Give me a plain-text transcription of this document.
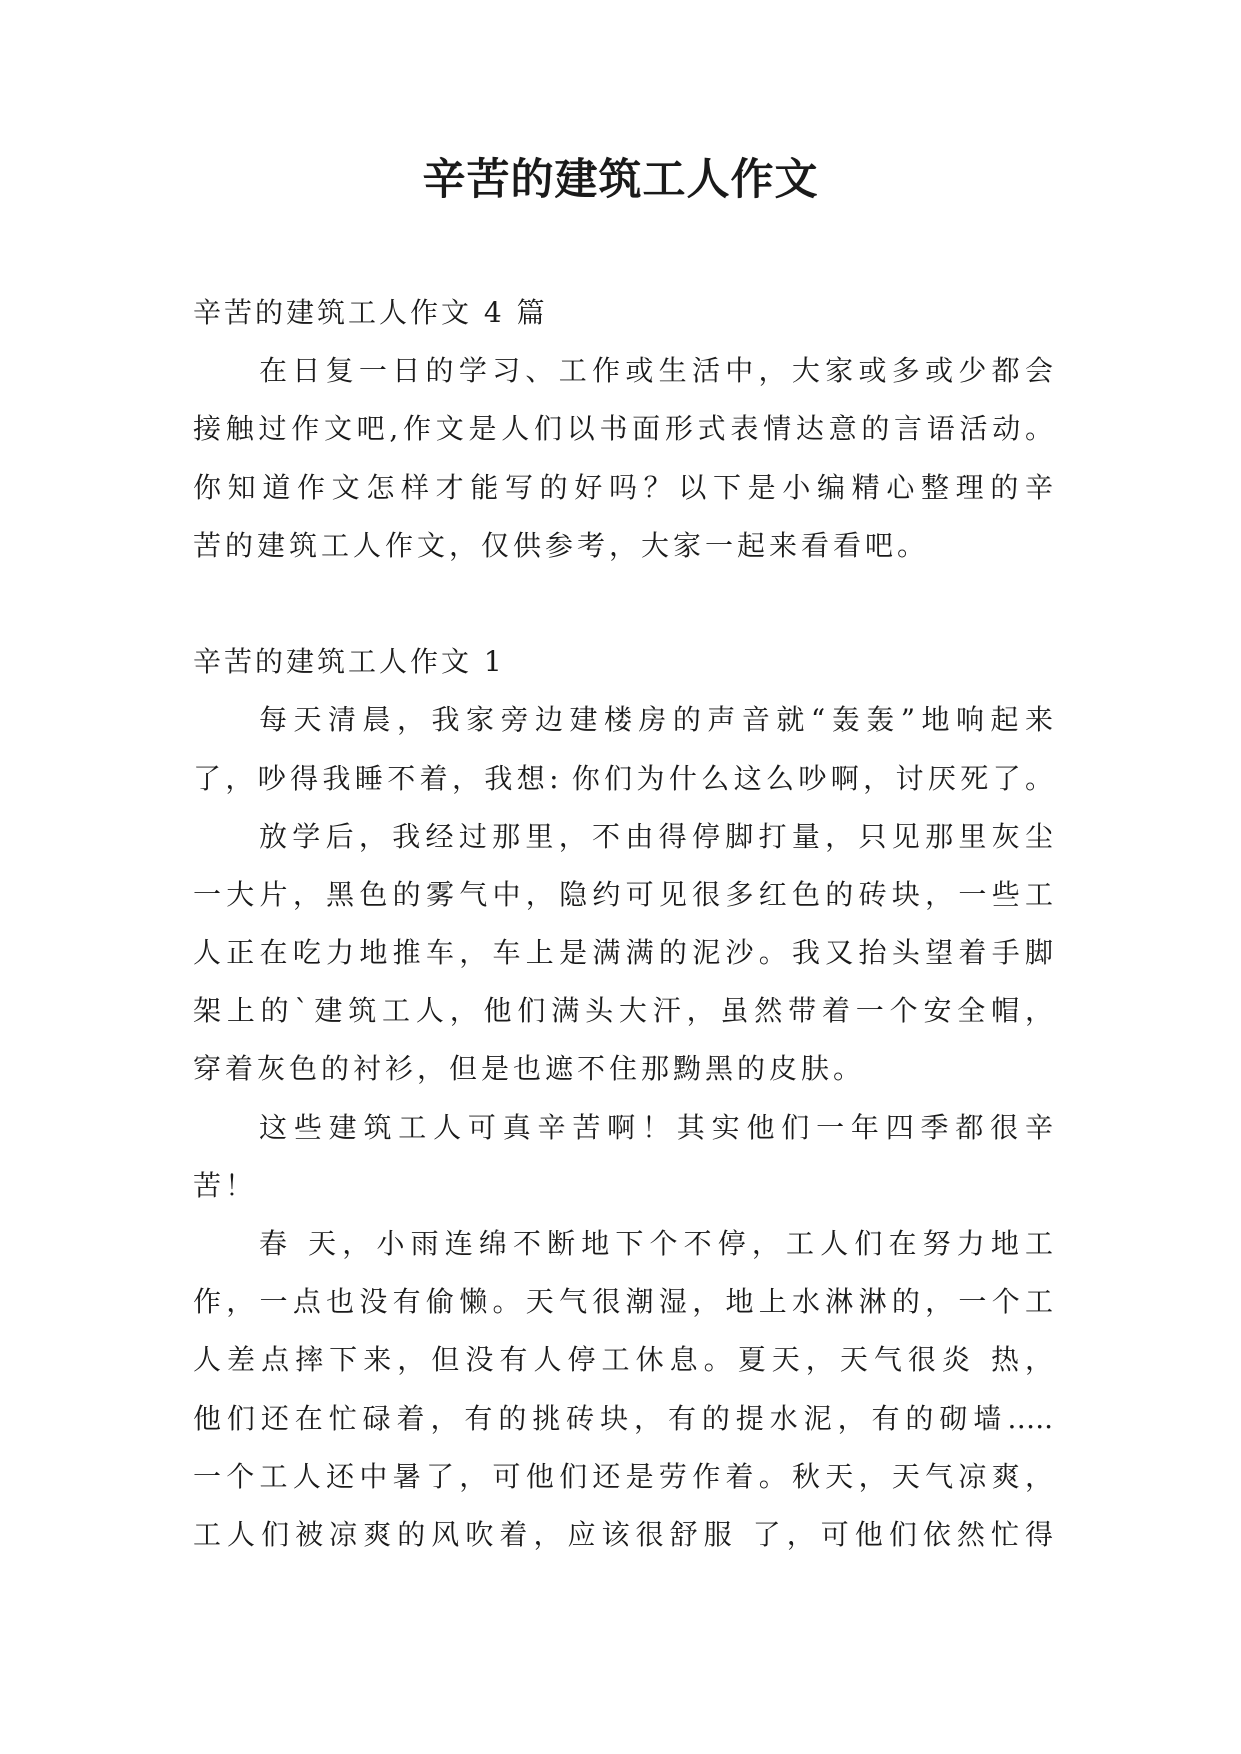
辛苦的建筑工人作文
辛苦的建筑工人作文 4 篇
在日复一日的学习、工作或生活中，大家或多或少都会
接触过作文吧,作文是人们以书面形式表情达意的言语活动。
你知道作文怎样才能写的好吗？以下是小编精心整理的辛
苦的建筑工人作文，仅供参考，大家一起来看看吧。
辛苦的建筑工人作文 1
每天清晨，我家旁边建楼房的声音就“轰轰”地响起来
了，吵得我睡不着，我想: 你们为什么这么吵啊，讨厌死了。
放学后，我经过那里，不由得停脚打量，只见那里灰尘
一大片，黑色的雾气中，隐约可见很多红色的砖块，一些工
人正在吃力地推车，车上是满满的泥沙。我又抬头望着手脚
架上的`建筑工人，他们满头大汗，虽然带着一个安全帽，
穿着灰色的衬衫，但是也遮不住那黝黑的皮肤。
这些建筑工人可真辛苦啊！其实他们一年四季都很辛
苦！
春 天，小雨连绵不断地下个不停，工人们在努力地工
作，一点也没有偷懒。天气很潮湿，地上水淋淋的，一个工
人差点摔下来，但没有人停工休息。夏天，天气很炎 热，
他们还在忙碌着，有的挑砖块，有的提水泥，有的砌墙…..
一个工人还中暑了，可他们还是劳作着。秋天，天气凉爽，
工人们被凉爽的风吹着，应该很舒服 了，可他们依然忙得
